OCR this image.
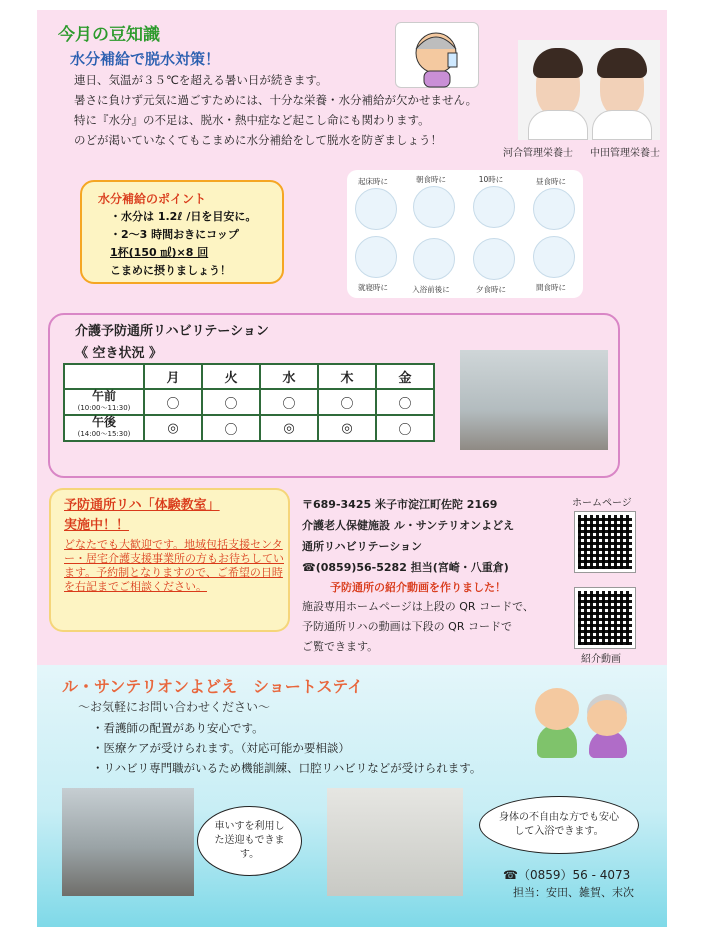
今月の豆知識
水分補給で脱水対策！
連日、気温が３５℃を超える暑い日が続きます。
暑さに負けず元気に過ごすためには、十分な栄養・水分補給が欠かせません。
特に『水分』の不足は、脱水・熱中症など起こし命にも関わります。
のどが渇いていなくてもこまめに水分補給をして脱水を防ぎましょう！
河合管理栄養士 中田管理栄養士
水分補給のポイント
・水分は 1.2ℓ /日を目安に。
・2～3 時間おきにコップ
1杯(150 ㎖)×8 回
こまめに摂りましょう！
起床時に	朝食時に	10時に	昼食時に
就寝時に	入浴前後に	夕食時に	間食時に
介護予防通所リハビリテーション
《 空き状況 》
	月	火	水	木	金
午前
(10:00～11:30)	〇	〇	〇	〇	〇
午後
(14:00～15:30)	◎	〇	◎	◎	〇
予防通所リハ「体験教室」
実施中！！
どなたでも大歓迎です。地域包括支援センター・居宅介護支援事業所の方もお待ちしています。予約制となりますので、ご希望の日時を右記までご相談ください。
〒689-3425 米子市淀江町佐陀 2169
介護老人保健施設 ル・サンテリオンよどえ
通所リハビリテーション
☎(0859)56-5282 担当(宮崎・八重倉)
予防通所の紹介動画を作りました！
施設専用ホームページは上段の QR コードで、
予防通所リハの動画は下段の QR コードで
ご覧できます。
ホームページ
紹介動画
ル・サンテリオンよどえ　ショートステイ
～お気軽にお問い合わせください～
・看護師の配置があり安心です。
・医療ケアが受けられます。（対応可能か要相談）
・リハビリ専門職がいるため機能訓練、口腔リハビリなどが受けられます。
車いすを利用した送迎もできます。
身体の不自由な方でも安心して入浴できます。
☎（0859）56 - 4073
担当：安田、雑賀、末次
